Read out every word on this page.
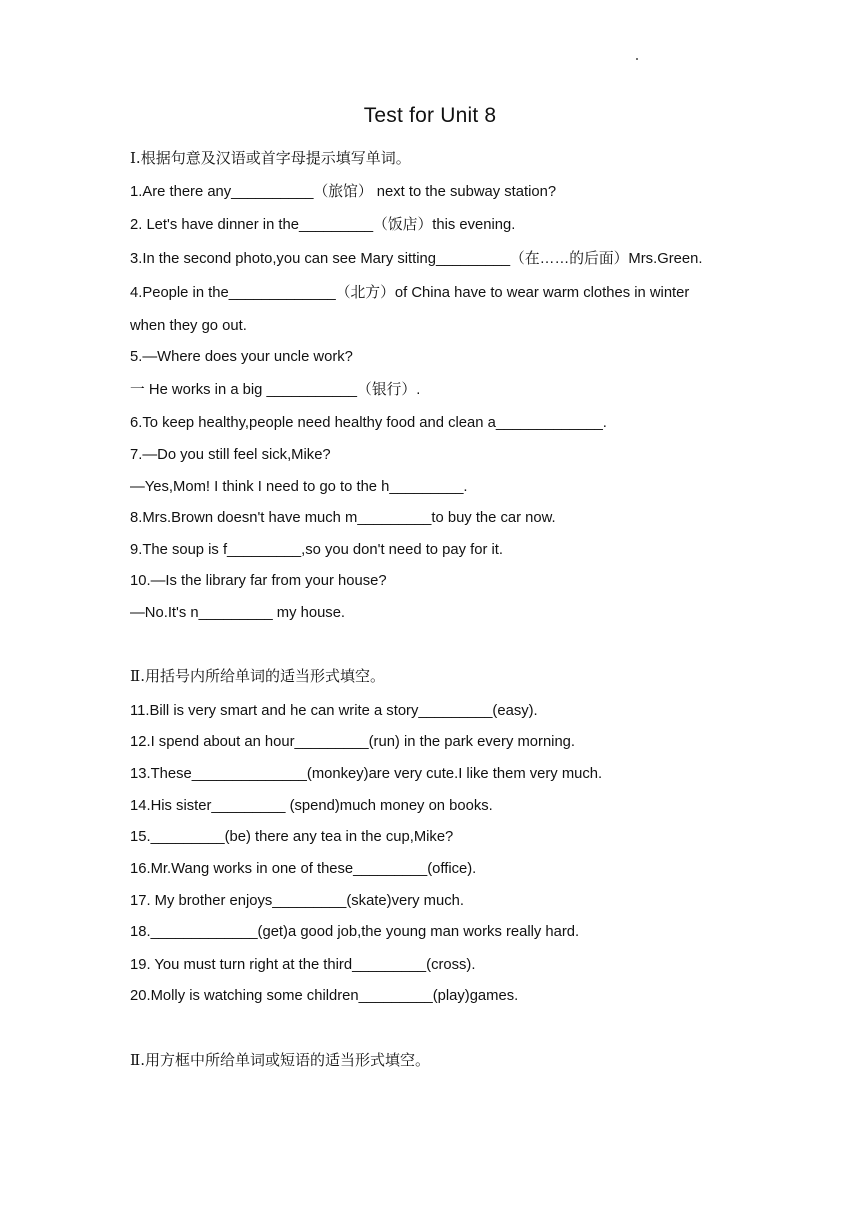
Test for Unit 8
Ⅰ.根据句意及汉语或首字母提示填写单词。
1.Are there any__________（旅馆） next to the subway station?
2. Let's have dinner in the_________（饭店）this evening.
3.In the second photo,you can see Mary sitting_________（在……的后面）Mrs.Green.
4.People in the_____________（北方）of China have to wear warm clothes in winter
when they go out.
5.—Where does your uncle work?
一 He works in a big ___________（银行）.
6.To keep healthy,people need healthy food and clean a_____________.
7.—Do you still feel sick,Mike?
—Yes,Mom! I think I need to go to the h_________.
8.Mrs.Brown doesn't have much m_________to buy the car now.
9.The soup is f_________,so you don't need to pay for it.
10.—Is the library far from your house?
—No.It's n_________ my house.
Ⅱ.用括号内所给单词的适当形式填空。
11.Bill is very smart and he can write a story_________(easy).
12.I spend about an hour_________(run) in the park every morning.
13.These______________(monkey)are very cute.I like them very much.
14.His sister_________ (spend)much money on books.
15._________(be) there any tea in the cup,Mike?
16.Mr.Wang works in one of these_________(office).
17. My brother enjoys_________(skate)very much.
18._____________(get)a good job,the young man works really hard.
19. You must turn right at the third_________(cross).
20.Molly is watching some children_________(play)games.
Ⅱ.用方框中所给单词或短语的适当形式填空。
